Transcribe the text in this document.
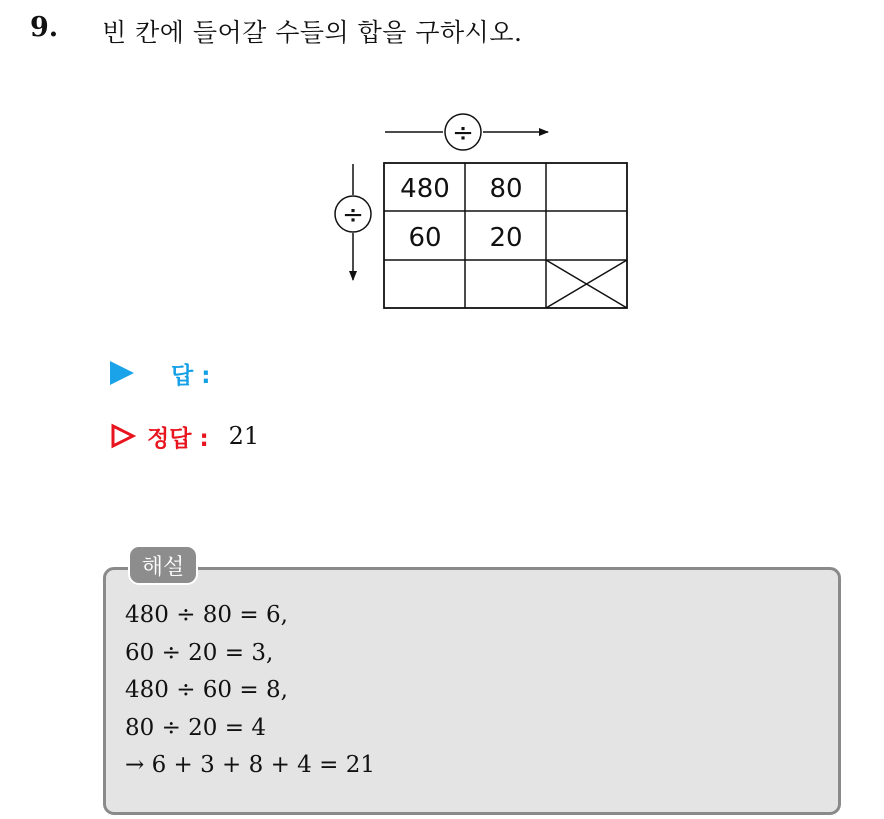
9. 빈 칸에 들어갈 수들의 합을 구하시오.
÷
÷
480 80
60 20
답 :
정답 : 21
해설
480 ÷ 80 = 6,
60 ÷ 20 = 3,
480 ÷ 60 = 8,
80 ÷ 20 = 4
→ 6 + 3 + 8 + 4 = 21
